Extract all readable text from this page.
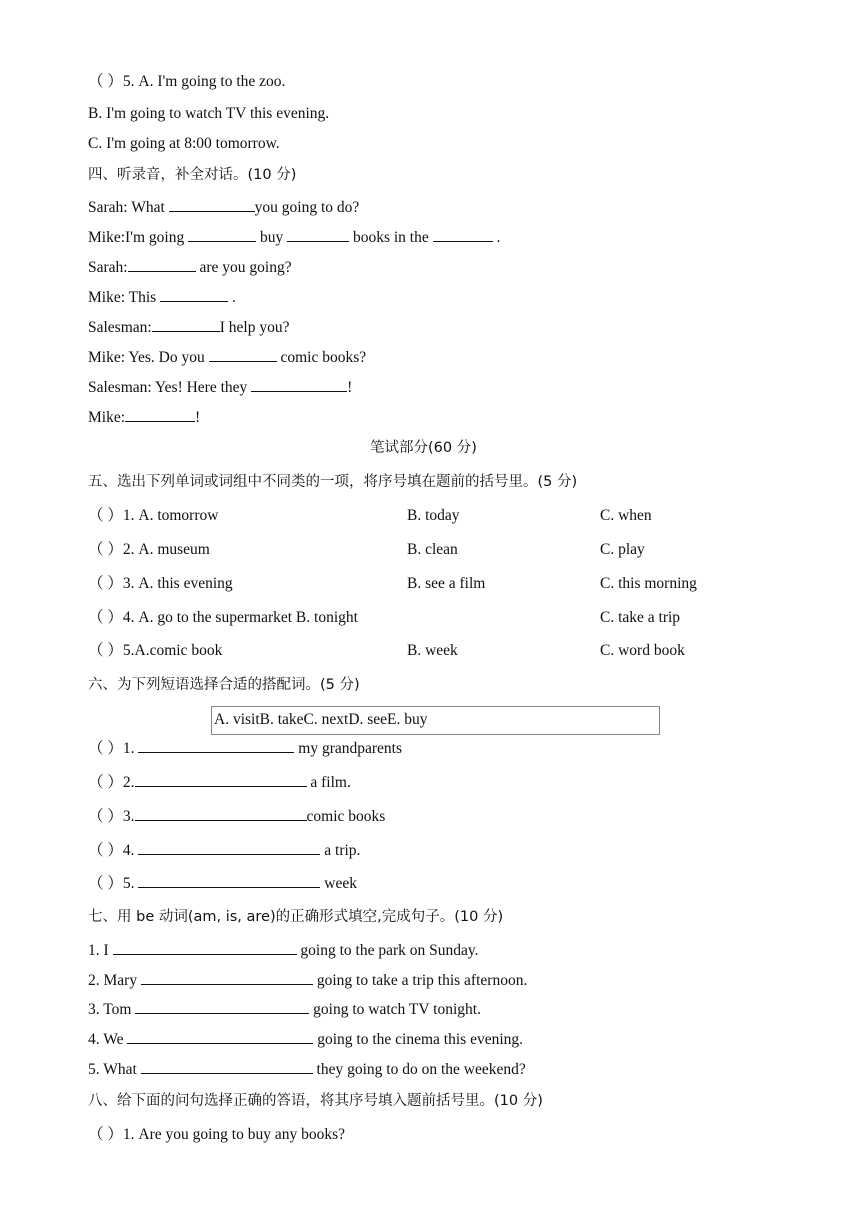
（ ）5. A. I'm going to the zoo.
B. I'm going to watch TV this evening.
C. I'm going at 8:00 tomorrow.
四、听录音，补全对话。(10 分)
Sarah: What	you going to do?
Mike:I'm going	buy	books in the	.
Sarah:	are you going?
Mike: This	.
Salesman:	I help you?
Mike: Yes. Do you	comic books?
Salesman: Yes! Here they	!
Mike:	!
笔试部分(60 分)
五、选出下列单词或词组中不同类的一项，将序号填在题前的括号里。(5 分)
（ ）1. A. tomorrow	B. today	C. when
（ ）2. A. museum	B. clean	C. play
（ ）3. A. this evening	B. see a film	C. this morning
（ ）4. A. go to the supermarket B. tonight	C. take a trip
（ ）5.A.comic book	B. week	C. word book
六、为下列短语选择合适的搭配词。(5 分)
A. visitB. takeC. nextD. seeE. buy
（ ）1.	my grandparents
（ ）2.	a film.
（ ）3.	comic books
（ ）4.	a trip.
（ ）5.	week
七、用 be 动词(am, is, are)的正确形式填空,完成句子。(10 分)
1. I	going to the park on Sunday.
2. Mary	going to take a trip this afternoon.
3. Tom	going to watch TV tonight.
4. We	going to the cinema this evening.
5. What	they going to do on the weekend?
八、给下面的问句选择正确的答语，将其序号填入题前括号里。(10 分)
（ ）1. Are you going to buy any books?
